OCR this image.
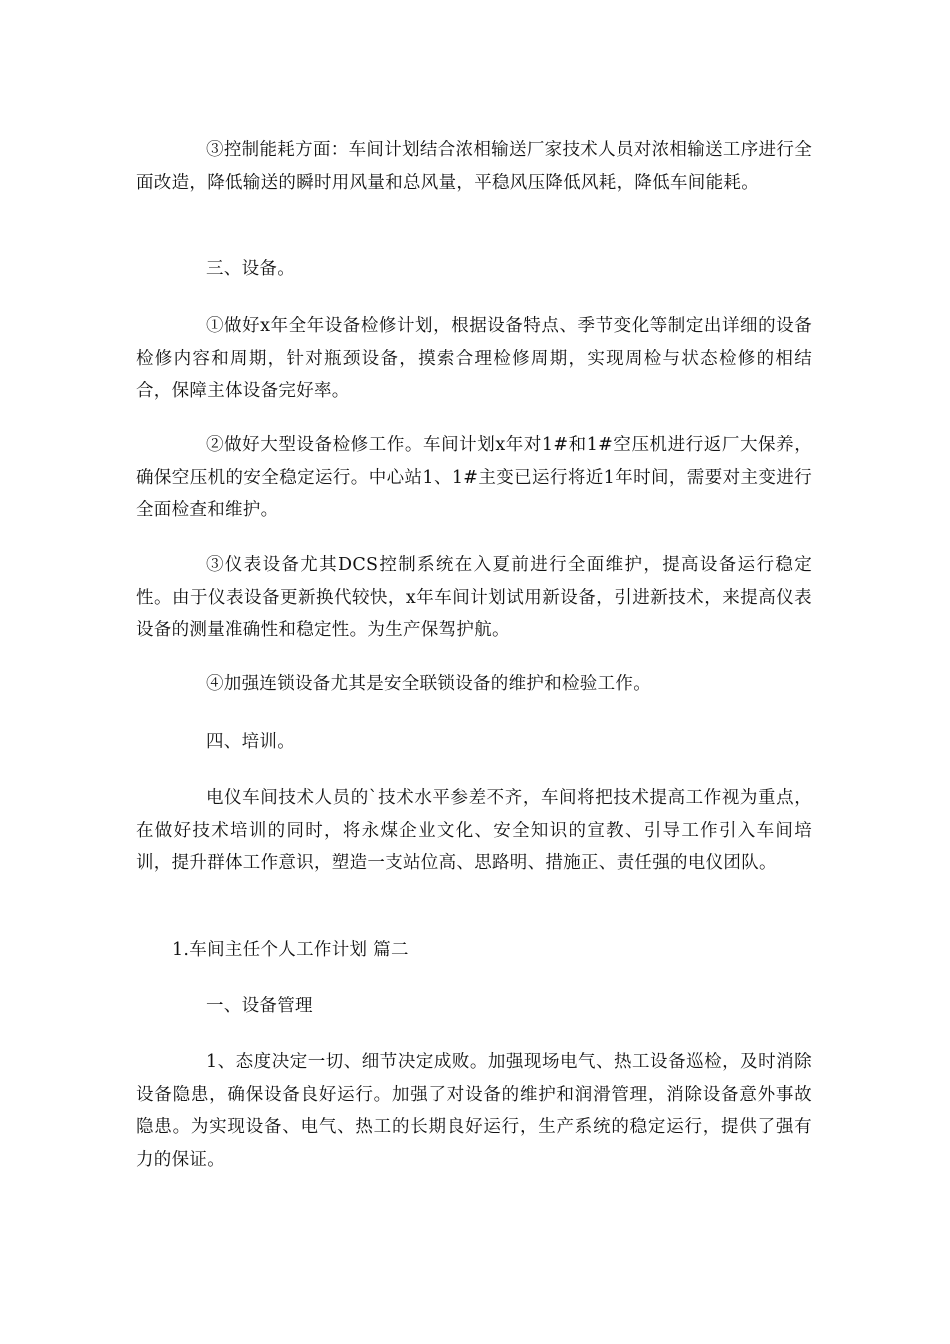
③控制能耗方面：车间计划结合浓相输送厂家技术人员对浓相输送工序进行全面改造，降低输送的瞬时用风量和总风量，平稳风压降低风耗，降低车间能耗。

三、设备。

①做好x年全年设备检修计划，根据设备特点、季节变化等制定出详细的设备检修内容和周期，针对瓶颈设备，摸索合理检修周期，实现周检与状态检修的相结合，保障主体设备完好率。

②做好大型设备检修工作。车间计划x年对1#和1#空压机进行返厂大保养，确保空压机的安全稳定运行。中心站1、1#主变已运行将近1年时间，需要对主变进行全面检查和维护。

③仪表设备尤其DCS控制系统在入夏前进行全面维护，提高设备运行稳定性。由于仪表设备更新换代较快，x年车间计划试用新设备，引进新技术，来提高仪表设备的测量准确性和稳定性。为生产保驾护航。

④加强连锁设备尤其是安全联锁设备的维护和检验工作。

四、培训。

电仪车间技术人员的`技术水平参差不齐，车间将把技术提高工作视为重点，在做好技术培训的同时，将永煤企业文化、安全知识的宣教、引导工作引入车间培训，提升群体工作意识，塑造一支站位高、思路明、措施正、责任强的电仪团队。

1.车间主任个人工作计划 篇二

一、设备管理

1、态度决定一切、细节决定成败。加强现场电气、热工设备巡检，及时消除设备隐患，确保设备良好运行。加强了对设备的维护和润滑管理，消除设备意外事故隐患。为实现设备、电气、热工的长期良好运行，生产系统的稳定运行，提供了强有力的保证。
